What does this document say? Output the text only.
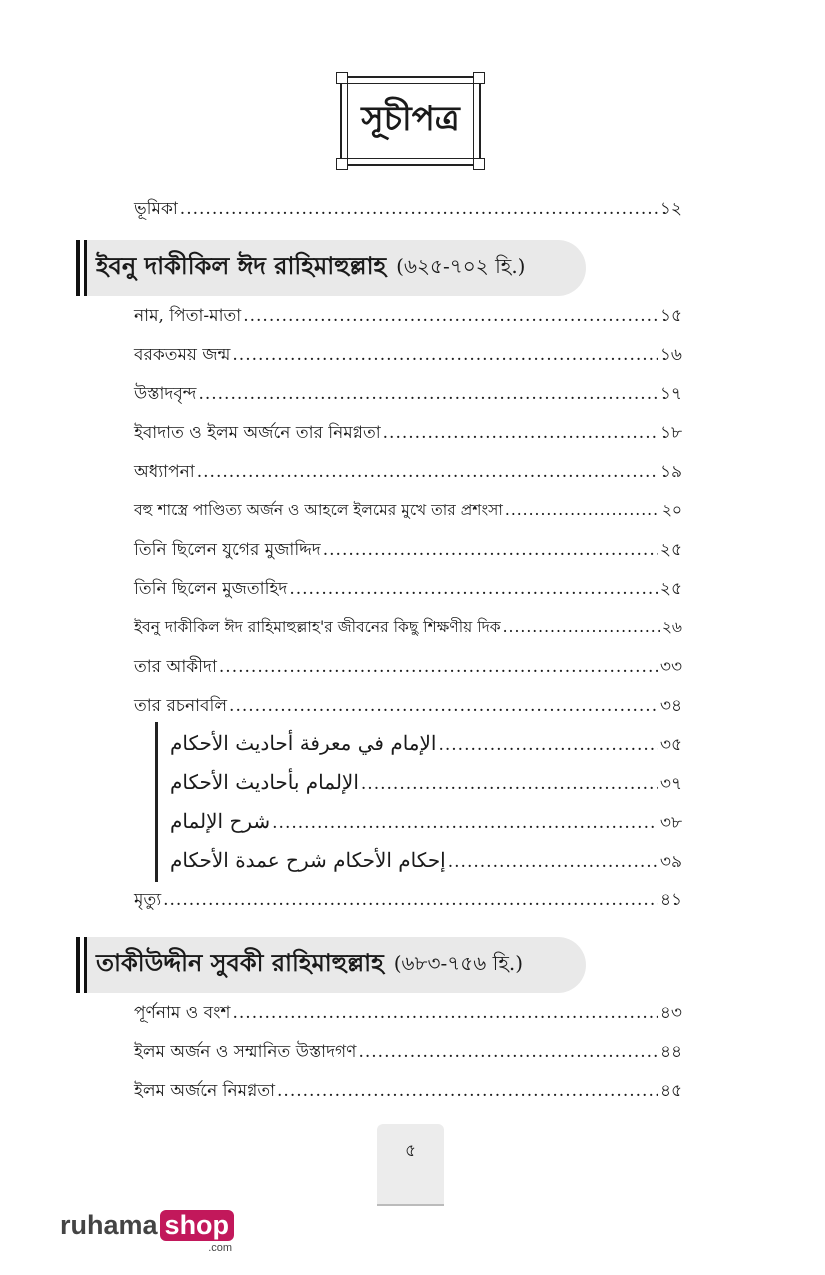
সূচীপত্র
ভূমিকা .....	১২
ইবনু দাকীকিল ঈদ রাহিমাহুল্লাহ (৬২৫-৭০২ হি.)
নাম, পিতা-মাতা .....	১৫
বরকতময় জন্ম .....	১৬
উস্তাদবৃন্দ .....	১৭
ইবাদাত ও ইলম অর্জনে তার নিমগ্নতা .....	১৮
অধ্যাপনা .....	১৯
বহু শাস্ত্রে পাণ্ডিত্য অর্জন ও আহলে ইলমের মুখে তার প্রশংসা .....	২০
তিনি ছিলেন যুগের মুজাদ্দিদ .....	২৫
তিনি ছিলেন মুজতাহিদ .....	২৫
ইবনু দাকীকিল ঈদ রাহিমাহুল্লাহ'র জীবনের কিছু শিক্ষণীয় দিক .....	২৬
তার আকীদা .....	৩৩
তার রচনাবলি .....	৩৪
الإمام في معرفة أحاديث الأحكام .....	৩৫
الإلمام بأحاديث الأحكام .....	৩৭
شرح الإلمام .....	৩৮
إحكام الأحكام شرح عمدة الأحكام .....	৩৯
মৃত্যু .....	৪১
তাকীউদ্দীন সুবকী রাহিমাহুল্লাহ (৬৮৩-৭৫৬ হি.)
পূর্ণনাম ও বংশ .....	৪৩
ইলম অর্জন ও সম্মানিত উস্তাদগণ .....	৪৪
ইলম অর্জনে নিমগ্নতা .....	৪৫
৫
ruhama shop
.com
